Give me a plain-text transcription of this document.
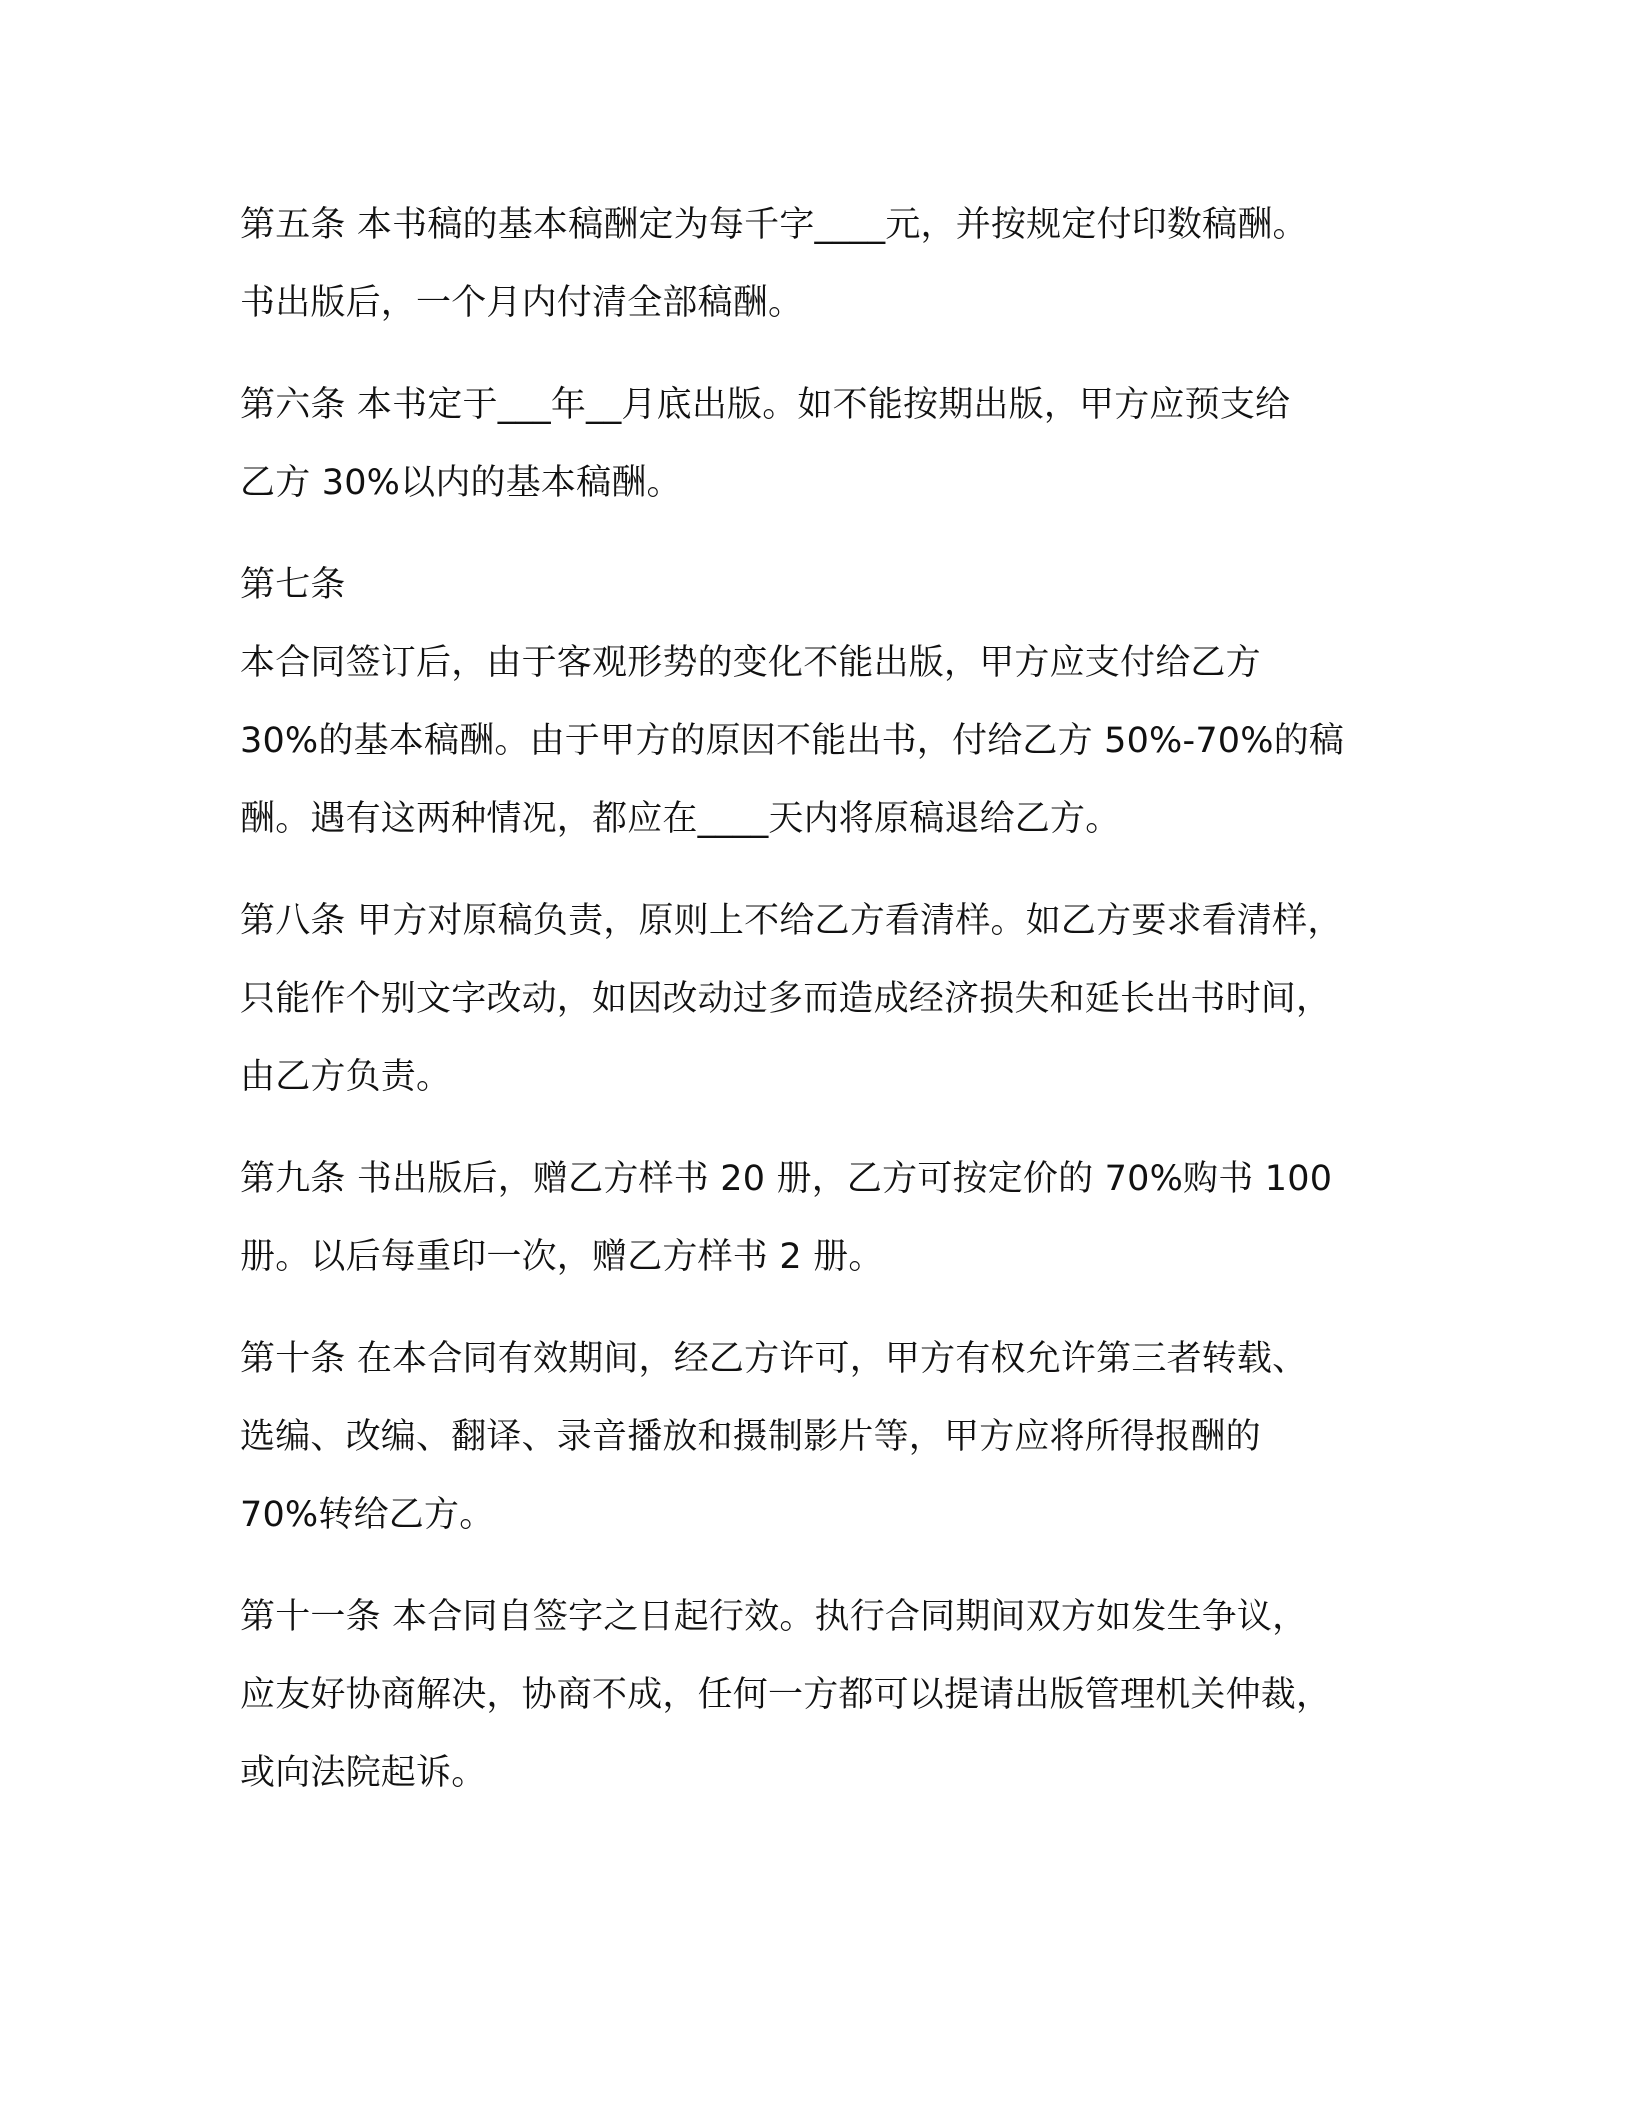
第五条 本书稿的基本稿酬定为每千字____元，并按规定付印数稿酬。
书出版后，一个月内付清全部稿酬。
第六条 本书定于___年__月底出版。如不能按期出版，甲方应预支给
乙方 30%以内的基本稿酬。
第七条
本合同签订后，由于客观形势的变化不能出版，甲方应支付给乙方
30%的基本稿酬。由于甲方的原因不能出书，付给乙方 50%-70%的稿
酬。遇有这两种情况，都应在____天内将原稿退给乙方。
第八条 甲方对原稿负责，原则上不给乙方看清样。如乙方要求看清样，
只能作个别文字改动，如因改动过多而造成经济损失和延长出书时间，
由乙方负责。
第九条 书出版后，赠乙方样书 20 册，乙方可按定价的 70%购书 100
册。以后每重印一次，赠乙方样书 2 册。
第十条 在本合同有效期间，经乙方许可，甲方有权允许第三者转载、
选编、改编、翻译、录音播放和摄制影片等，甲方应将所得报酬的
70%转给乙方。
第十一条 本合同自签字之日起行效。执行合同期间双方如发生争议，
应友好协商解决，协商不成，任何一方都可以提请出版管理机关仲裁，
或向法院起诉。
